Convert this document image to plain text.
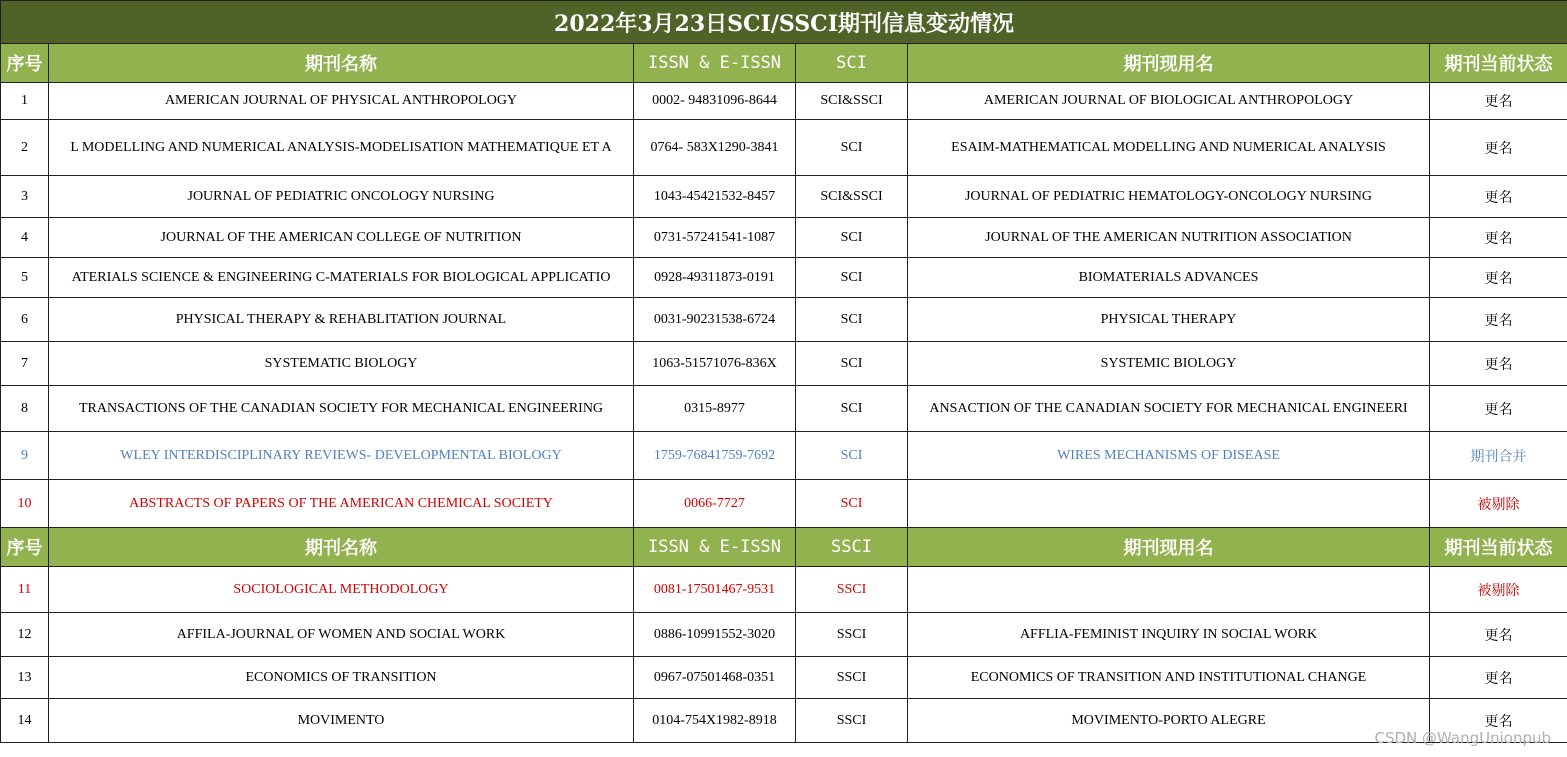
2022年3月23日SCI/SSCI期刊信息变动情况					
序号	期刊名称	ISSN & E-ISSN	SCI	期刊现用名	期刊当前状态
1	AMERICAN JOURNAL OF PHYSICAL ANTHROPOLOGY	0002- 94831096-8644	SCI&SSCI	AMERICAN JOURNAL OF BIOLOGICAL ANTHROPOLOGY	更名
2	L MODELLING AND NUMERICAL ANALYSIS-MODELISATION MATHEMATIQUE ET A	0764- 583X1290-3841	SCI	ESAIM-MATHEMATICAL MODELLING AND NUMERICAL ANALYSIS	更名
3	JOURNAL OF PEDIATRIC ONCOLOGY NURSING	1043-45421532-8457	SCI&SSCI	JOURNAL OF PEDIATRIC HEMATOLOGY-ONCOLOGY NURSING	更名
4	JOURNAL OF THE AMERICAN COLLEGE OF NUTRITION	0731-57241541-1087	SCI	JOURNAL OF THE AMERICAN NUTRITION ASSOCIATION	更名
5	ATERIALS SCIENCE & ENGINEERING C-MATERIALS FOR BIOLOGICAL APPLICATIO	0928-49311873-0191	SCI	BIOMATERIALS ADVANCES	更名
6	PHYSICAL THERAPY & REHABLITATION JOURNAL	0031-90231538-6724	SCI	PHYSICAL THERAPY	更名
7	SYSTEMATIC BIOLOGY	1063-51571076-836X	SCI	SYSTEMIC BIOLOGY	更名
8	TRANSACTIONS OF THE CANADIAN SOCIETY FOR MECHANICAL ENGINEERING	0315-8977	SCI	ANSACTION OF THE CANADIAN SOCIETY FOR MECHANICAL ENGINEERI	更名
9	WLEY INTERDISCIPLINARY REVIEWS- DEVELOPMENTAL BIOLOGY	1759-76841759-7692	SCI	WIRES MECHANISMS OF DISEASE	期刊合并
10	ABSTRACTS OF PAPERS OF THE AMERICAN CHEMICAL SOCIETY	0066-7727	SCI		被剔除
序号	期刊名称	ISSN & E-ISSN	SSCI	期刊现用名	期刊当前状态
11	SOCIOLOGICAL METHODOLOGY	0081-17501467-9531	SSCI		被剔除
12	AFFILA-JOURNAL OF WOMEN AND SOCIAL WORK	0886-10991552-3020	SSCI	AFFLIA-FEMINIST INQUIRY IN SOCIAL WORK	更名
13	ECONOMICS OF TRANSITION	0967-07501468-0351	SSCI	ECONOMICS OF TRANSITION AND INSTITUTIONAL CHANGE	更名
14	MOVIMENTO	0104-754X1982-8918	SSCI	MOVIMENTO-PORTO ALEGRE	更名
CSDN @WangUnionpub
